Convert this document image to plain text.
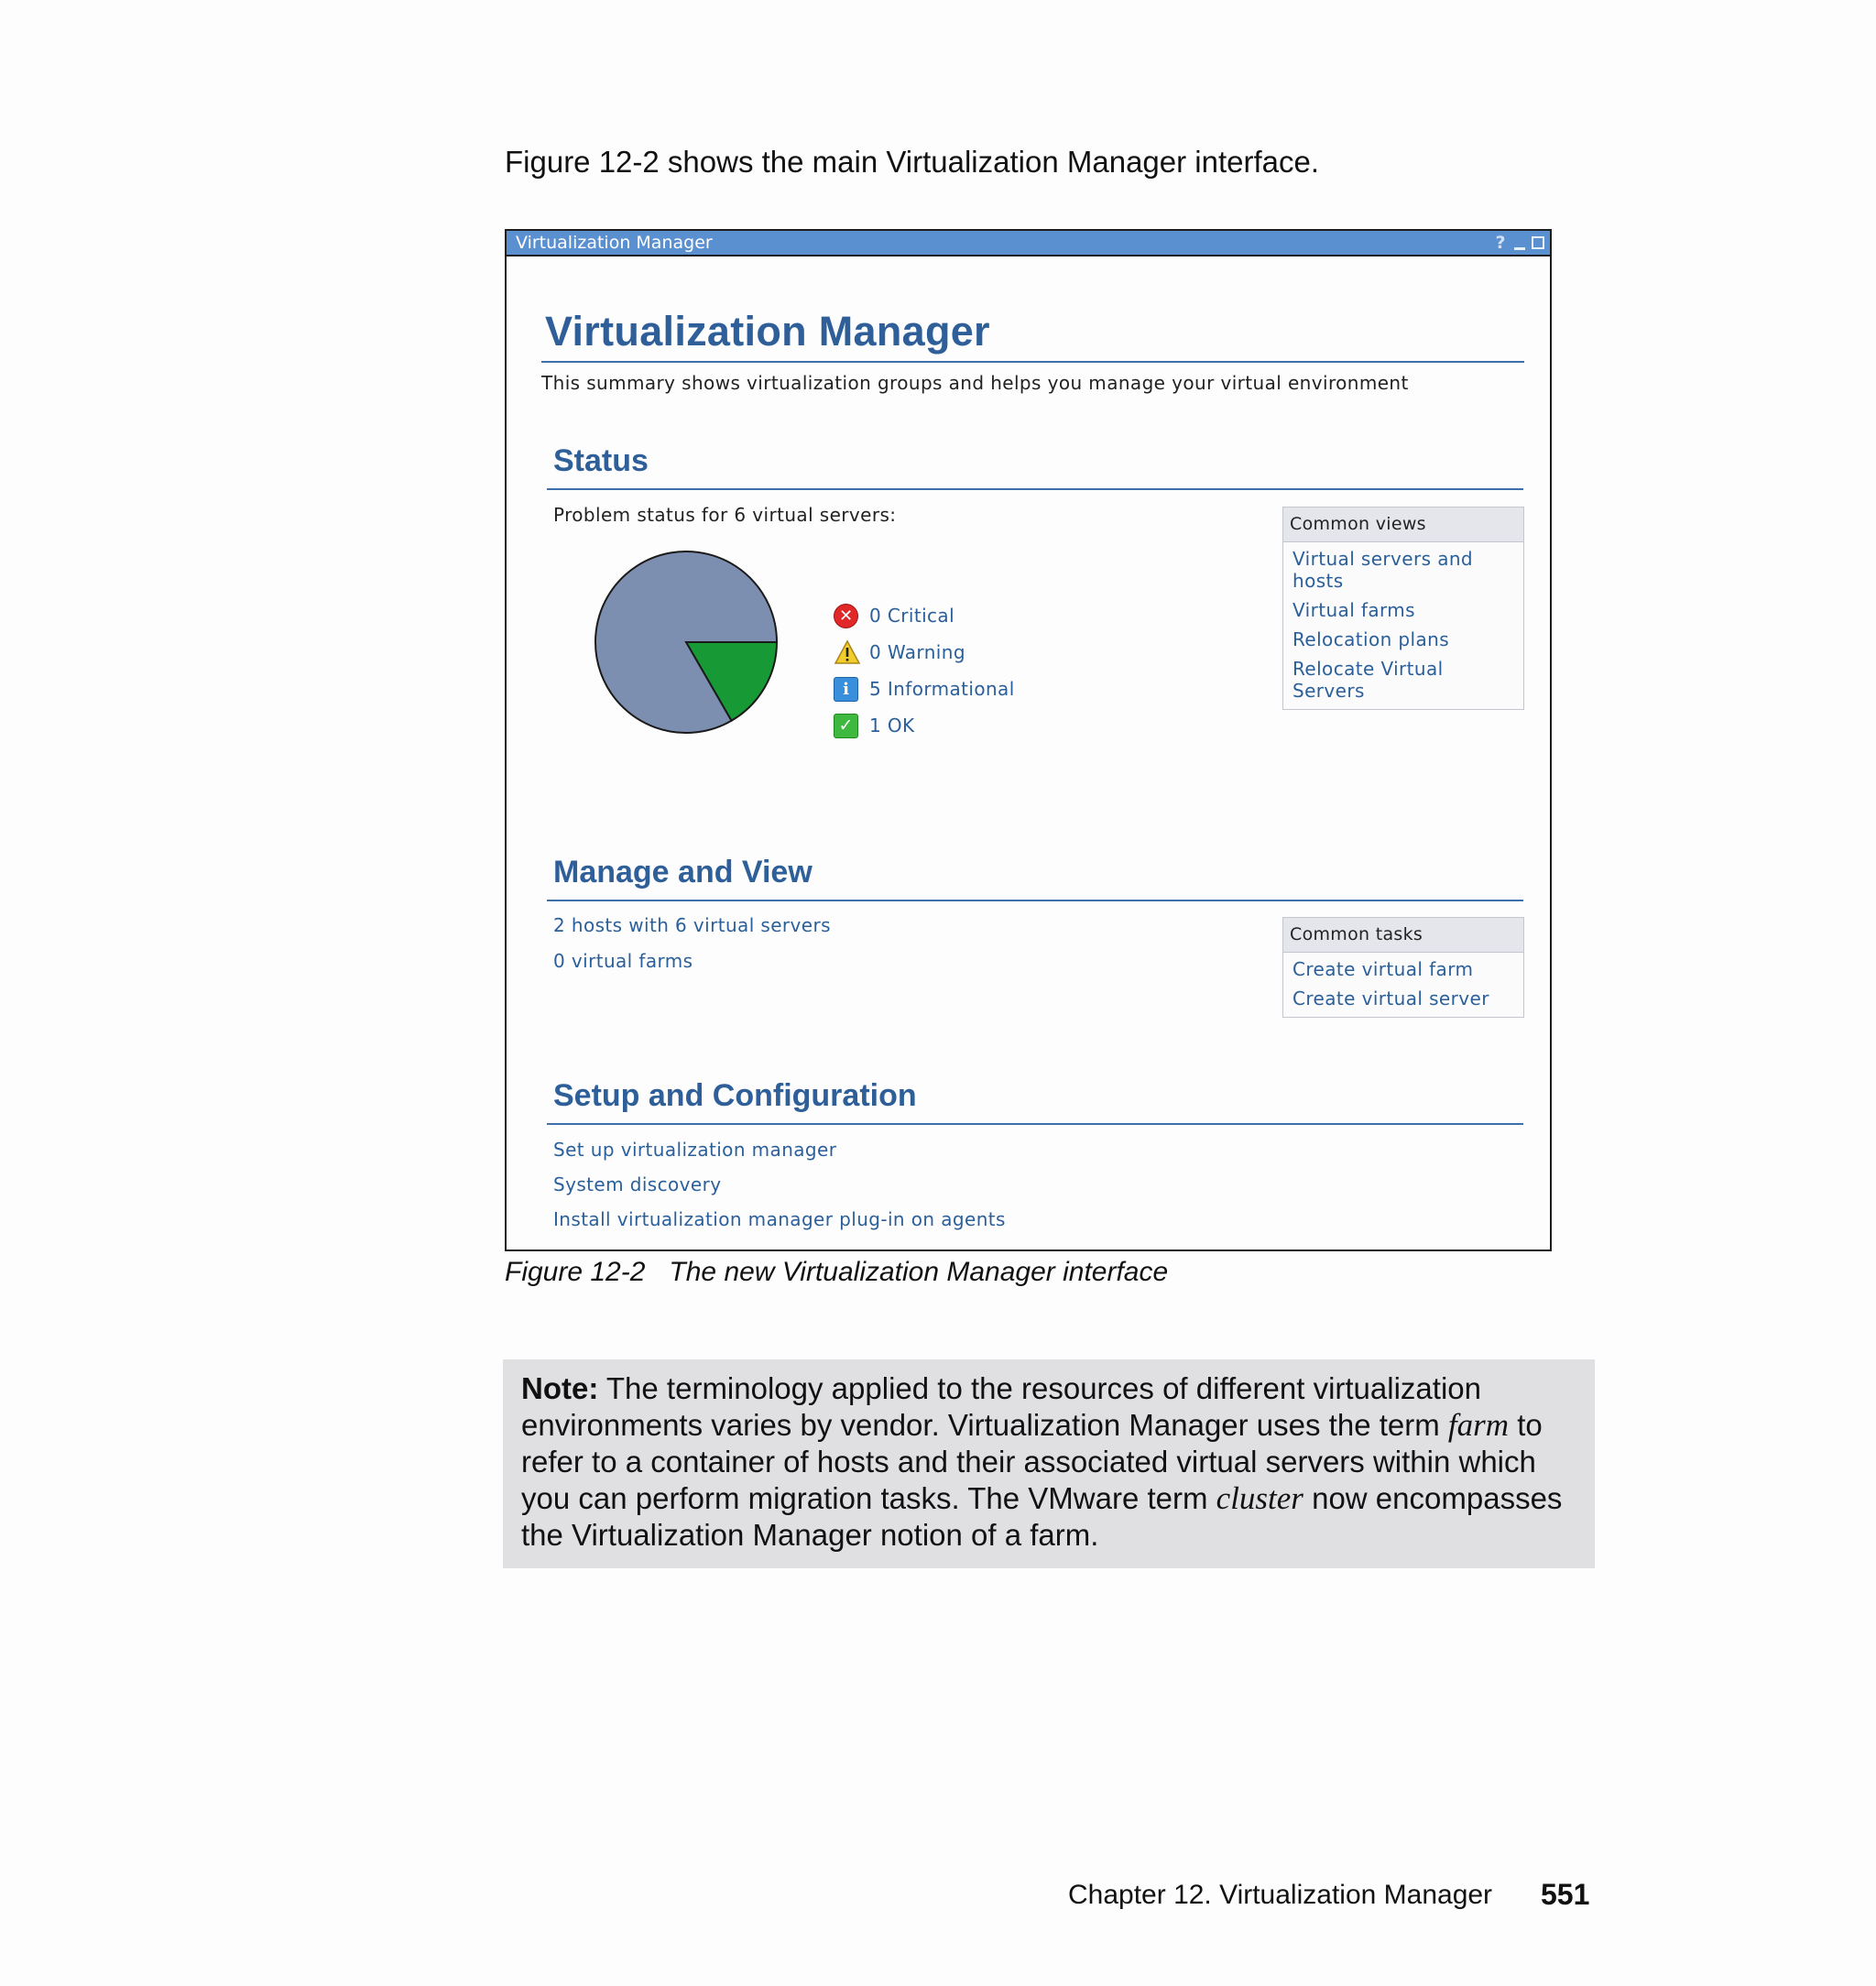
Figure 12-2 shows the main Virtualization Manager interface.
Virtualization Manager	?
Virtualization Manager
This summary shows virtualization groups and helps you manage your virtual environment
Status
Problem status for 6 virtual servers:
✕ 0 Critical
0 Warning
i	5 Informational
✓ 1 OK
Common views
Virtual servers and hosts
Virtual farms
Relocation plans
Relocate Virtual Servers
Manage and View
2 hosts with 6 virtual servers
0 virtual farms
Common tasks
Create virtual farm
Create virtual server
Setup and Configuration
Set up virtualization manager
System discovery
Install virtualization manager plug-in on agents
Figure 12-2 The new Virtualization Manager interface
Note: The terminology applied to the resources of different virtualization environments varies by vendor. Virtualization Manager uses the term farm to refer to a container of hosts and their associated virtual servers within which you can perform migration tasks. The VMware term cluster now encompasses the Virtualization Manager notion of a farm.
Chapter 12. Virtualization Manager 551
